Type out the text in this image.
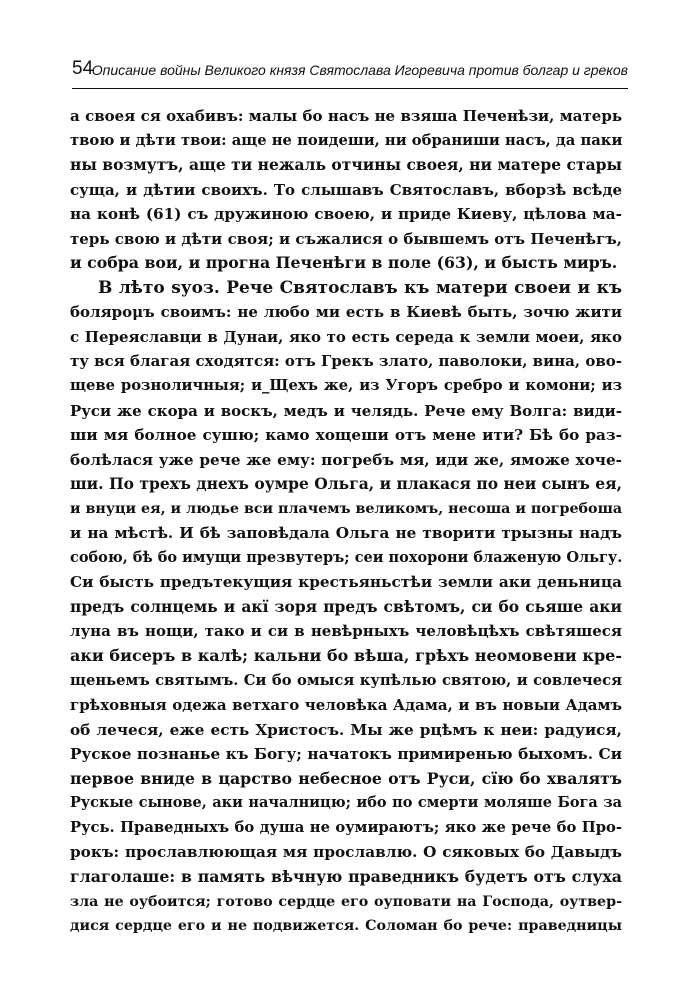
54
Описание войны Великого князя Святослава Игоревича против болгар и греков
а своея ся охабивъ: малы бо насъ не взяша Печенѣзи, матерь
твою и дѣти твои: аще не поидеши, ни обраниши насъ, да паки
ны возмутъ, аще ти нежаль отчины своея, ни матере стары
суща, и дѣтии своихъ. То слышавъ Святославъ, вборзѣ всѣде
на конѣ (61) съ дружиною своею, и приде Киеву, цѣлова ма-
терь свою и дѣти своя; и съжалися о бывшемъ отъ Печенѣгъ,
и собра вои, и прогна Печенѣги в поле (63), и бысть миръ.
В лѣто ѕуоз. Рече Святославъ къ матери своеи и къ
болярομъ своимъ: не любо ми есть в Киевѣ быть, зочю жити
с Переяславци в Дунаи, яко то есть середа к земли моеи, яко
ту вся благая сходятся: отъ Грекъ злато, паволоки, вина, овo-
щеве розноличныя; и_Щехъ же, из Угоръ сребро и комони; из
Руси же скора и воскъ, медъ и челядь. Рече ему Волга: види-
ши мя болное сушю; камо хощеши отъ мене ити? Бѣ бо раз-
болѣлася ужe рече же ему: погребъ мя, иди же, яможе хоче-
ши. По трехъ днехъ оумре Ольга, и плакася по неи сынъ ея,
и внуци ея, и людье вси плачемъ великомъ, несоша и погребоша
и на мѣстѣ. И бѣ заповѣдала Ольга не творити трызны надъ
собою, бѣ бо имущи презвутеръ; сеи похорони блаженую Ольгу.
Си бысть предътекущия крестьяньстѣи земли аки деньница
предъ солнцемь и акї зоря предъ свѣтомъ, си бо сьяше аки
луна въ нощи, тако и си в невѣрныхъ человѣцѣхъ свѣтяшеся
аки бисеръ в калѣ; кальни бо вѣша, грѣхъ неомовени кре-
щеньемъ святымъ. Си бо омыся купѣлью святою, и совлечеся
грѣховныя одежа ветхаго человѣка Адама, и въ новыи Адамъ
об лечеся, еже есть Христосъ. Мы же рцѣмъ к неи: радуися,
Руское познанье къ Богу; начатокъ примиренью быхомъ. Си
первое вниде в царство небесное отъ Руси, сїю бо хвалятъ
Рускые сынове, аки началницю; ибо по смерти моляше Бога за
Русь. Праведныхъ бо душа не оумираютъ; яко же рече бо Про-
рокъ: прославлюющая мя прославлю. О сяковых бо Давыдъ
глаголаше: в память вѣчную праведникъ будетъ отъ слуха
зла не оубоится; готово сердце его оуповати на Господа, оутвер-
дися сердце его и не подвижется. Соломан бо рече: праведницы
